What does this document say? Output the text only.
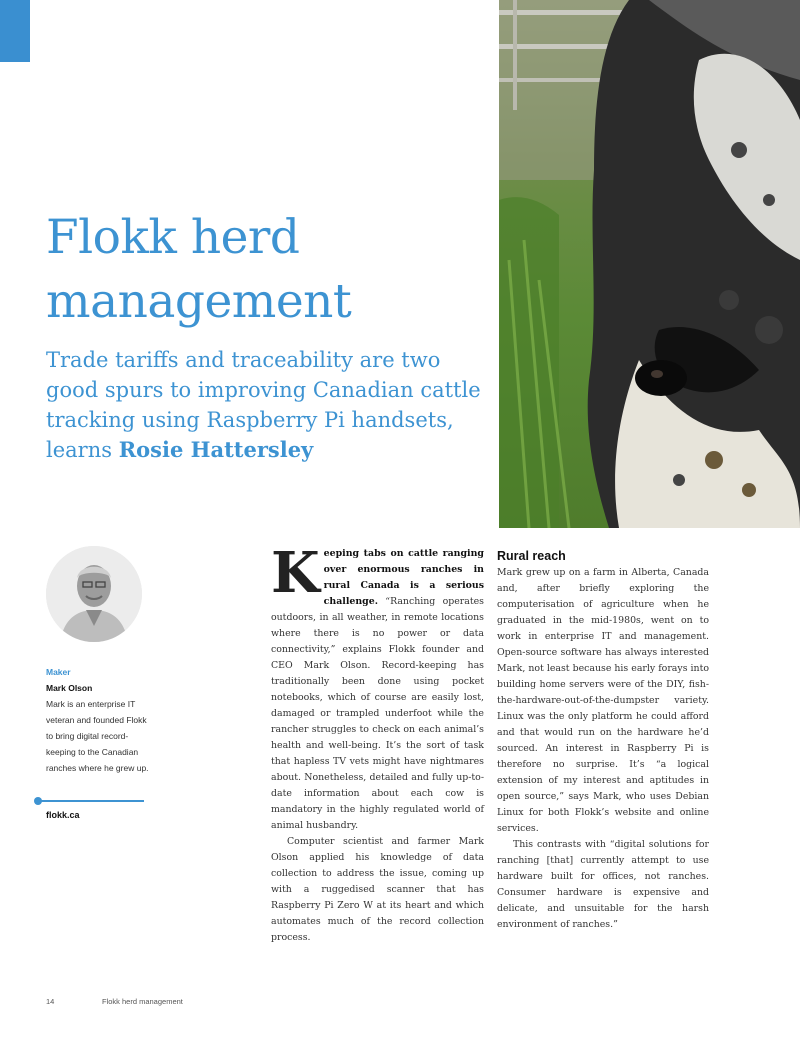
Flokk herd management

Trade tariffs and traceability are two good spurs to improving Canadian cattle tracking using Raspberry Pi handsets, learns Rosie Hattersley

Maker

Mark Olson

Mark is an enterprise IT veteran and founded Flokk to bring digital record-keeping to the Canadian ranches where he grew up.

flokk.ca

Keeping tabs on cattle ranging over enormous ranches in rural Canada is a serious challenge. “Ranching operates outdoors, in all weather, in remote locations where there is no power or data connectivity,” explains Flokk founder and CEO Mark Olson. Record-keeping has traditionally been done using pocket notebooks, which of course are easily lost, damaged or trampled underfoot while the rancher struggles to check on each animal’s health and well-being. It’s the sort of task that hapless TV vets might have nightmares about. Nonetheless, detailed and fully up-to-date information about each cow is mandatory in the highly regulated world of animal husbandry.

Computer scientist and farmer Mark Olson applied his knowledge of data collection to address the issue, coming up with a ruggedised scanner that has Raspberry Pi Zero W at its heart and which automates much of the record collection process.

Rural reach

Mark grew up on a farm in Alberta, Canada and, after briefly exploring the computerisation of agriculture when he graduated in the mid-1980s, went on to work in enterprise IT and management. Open-source software has always interested Mark, not least because his early forays into building home servers were of the DIY, fish-the-hardware-out-of-the-dumpster variety. Linux was the only platform he could afford and that would run on the hardware he’d sourced. An interest in Raspberry Pi is therefore no surprise. It’s “a logical extension of my interest and aptitudes in open source,” says Mark, who uses Debian Linux for both Flokk’s website and online services.

This contrasts with “digital solutions for ranching [that] currently attempt to use hardware built for offices, not ranches. Consumer hardware is expensive and delicate, and unsuitable for the harsh environment of ranches.”

14	Flokk herd management
